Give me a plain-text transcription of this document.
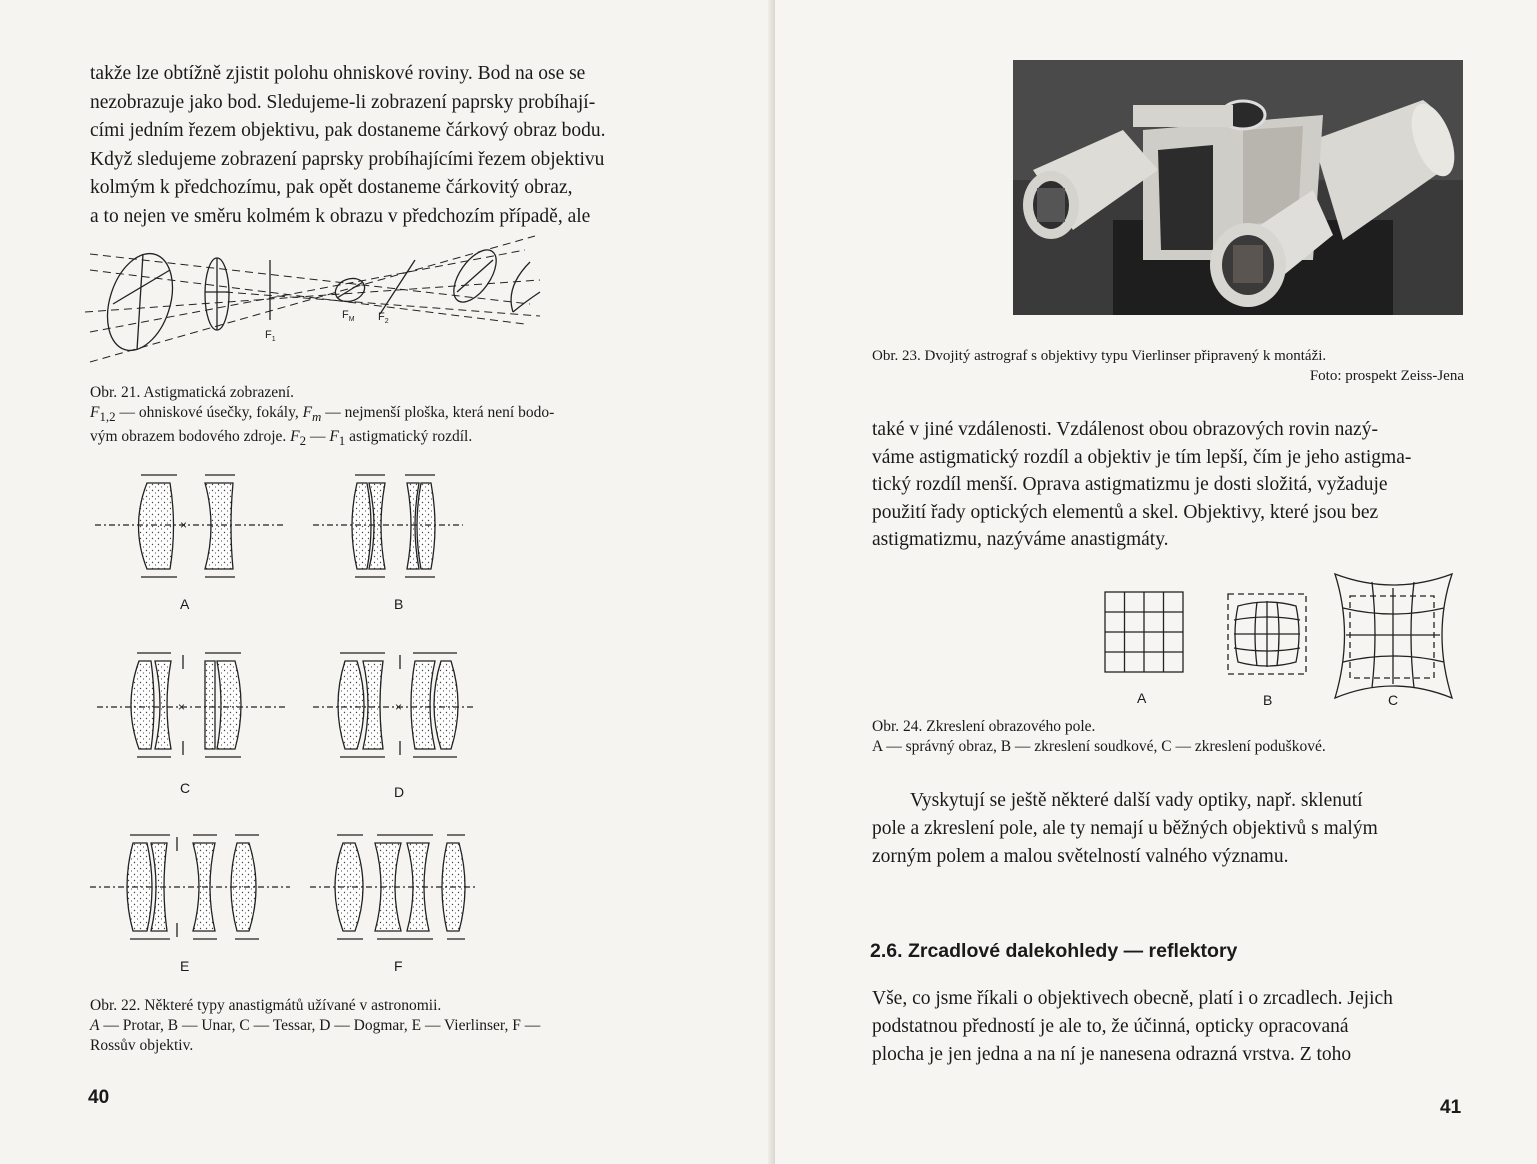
takže lze obtížně zjistit polohu ohniskové roviny. Bod na ose se
nezobrazuje jako bod. Sledujeme-li zobrazení paprsky probíhají-
cími jedním řezem objektivu, pak dostaneme čárkový obraz bodu.
Když sledujeme zobrazení paprsky probíhajícími řezem objektivu
kolmým k předchozímu, pak opět dostaneme čárkovitý obraz,
a to nejen ve směru kolmém k obrazu v předchozím případě, ale
$F_1$
$F_M$ $F_2$
Obr. 21. Astigmatická zobrazení.
$F_{1,2}$ — ohniskové úsečky, fokály, $F_m$ — nejmenší ploška, která není bodo-
vým obrazem bodového zdroje. $F_2$ — $F_1$ astigmatický rozdíl.
×
×	×
A	B
C	D
E	F
Obr. 22. Některé typy anastigmátů užívané v astronomii.
A — Protar, B — Unar, C — Tessar, D — Dogmar, E — Vierlinser, F —
Rossův objektiv.
40
Obr. 23. Dvojitý astrograf s objektivy typu Vierlinser připravený k montáži.
Foto: prospekt Zeiss-Jena
také v jiné vzdálenosti. Vzdálenost obou obrazových rovin nazý-
váme astigmatický rozdíl a objektiv je tím lepší, čím je jeho astigma-
tický rozdíl menší. Oprava astigmatizmu je dosti složitá, vyžaduje
použití řady optických elementů a skel. Objektivy, které jsou bez
astigmatizmu, nazýváme anastigmáty.
A	B	C
Obr. 24. Zkreslení obrazového pole.
A — správný obraz, B — zkreslení soudkové, C — zkreslení poduškové.
Vyskytují se ještě některé další vady optiky, např. sklenutí
pole a zkreslení pole, ale ty nemají u běžných objektivů s malým
zorným polem a malou světelností valného významu.
2.6. Zrcadlové dalekohledy — reflektory
Vše, co jsme říkali o objektivech obecně, platí i o zrcadlech. Jejich
podstatnou předností je ale to, že účinná, opticky opracovaná
plocha je jen jedna a na ní je nanesena odrazná vrstva. Z toho
41
